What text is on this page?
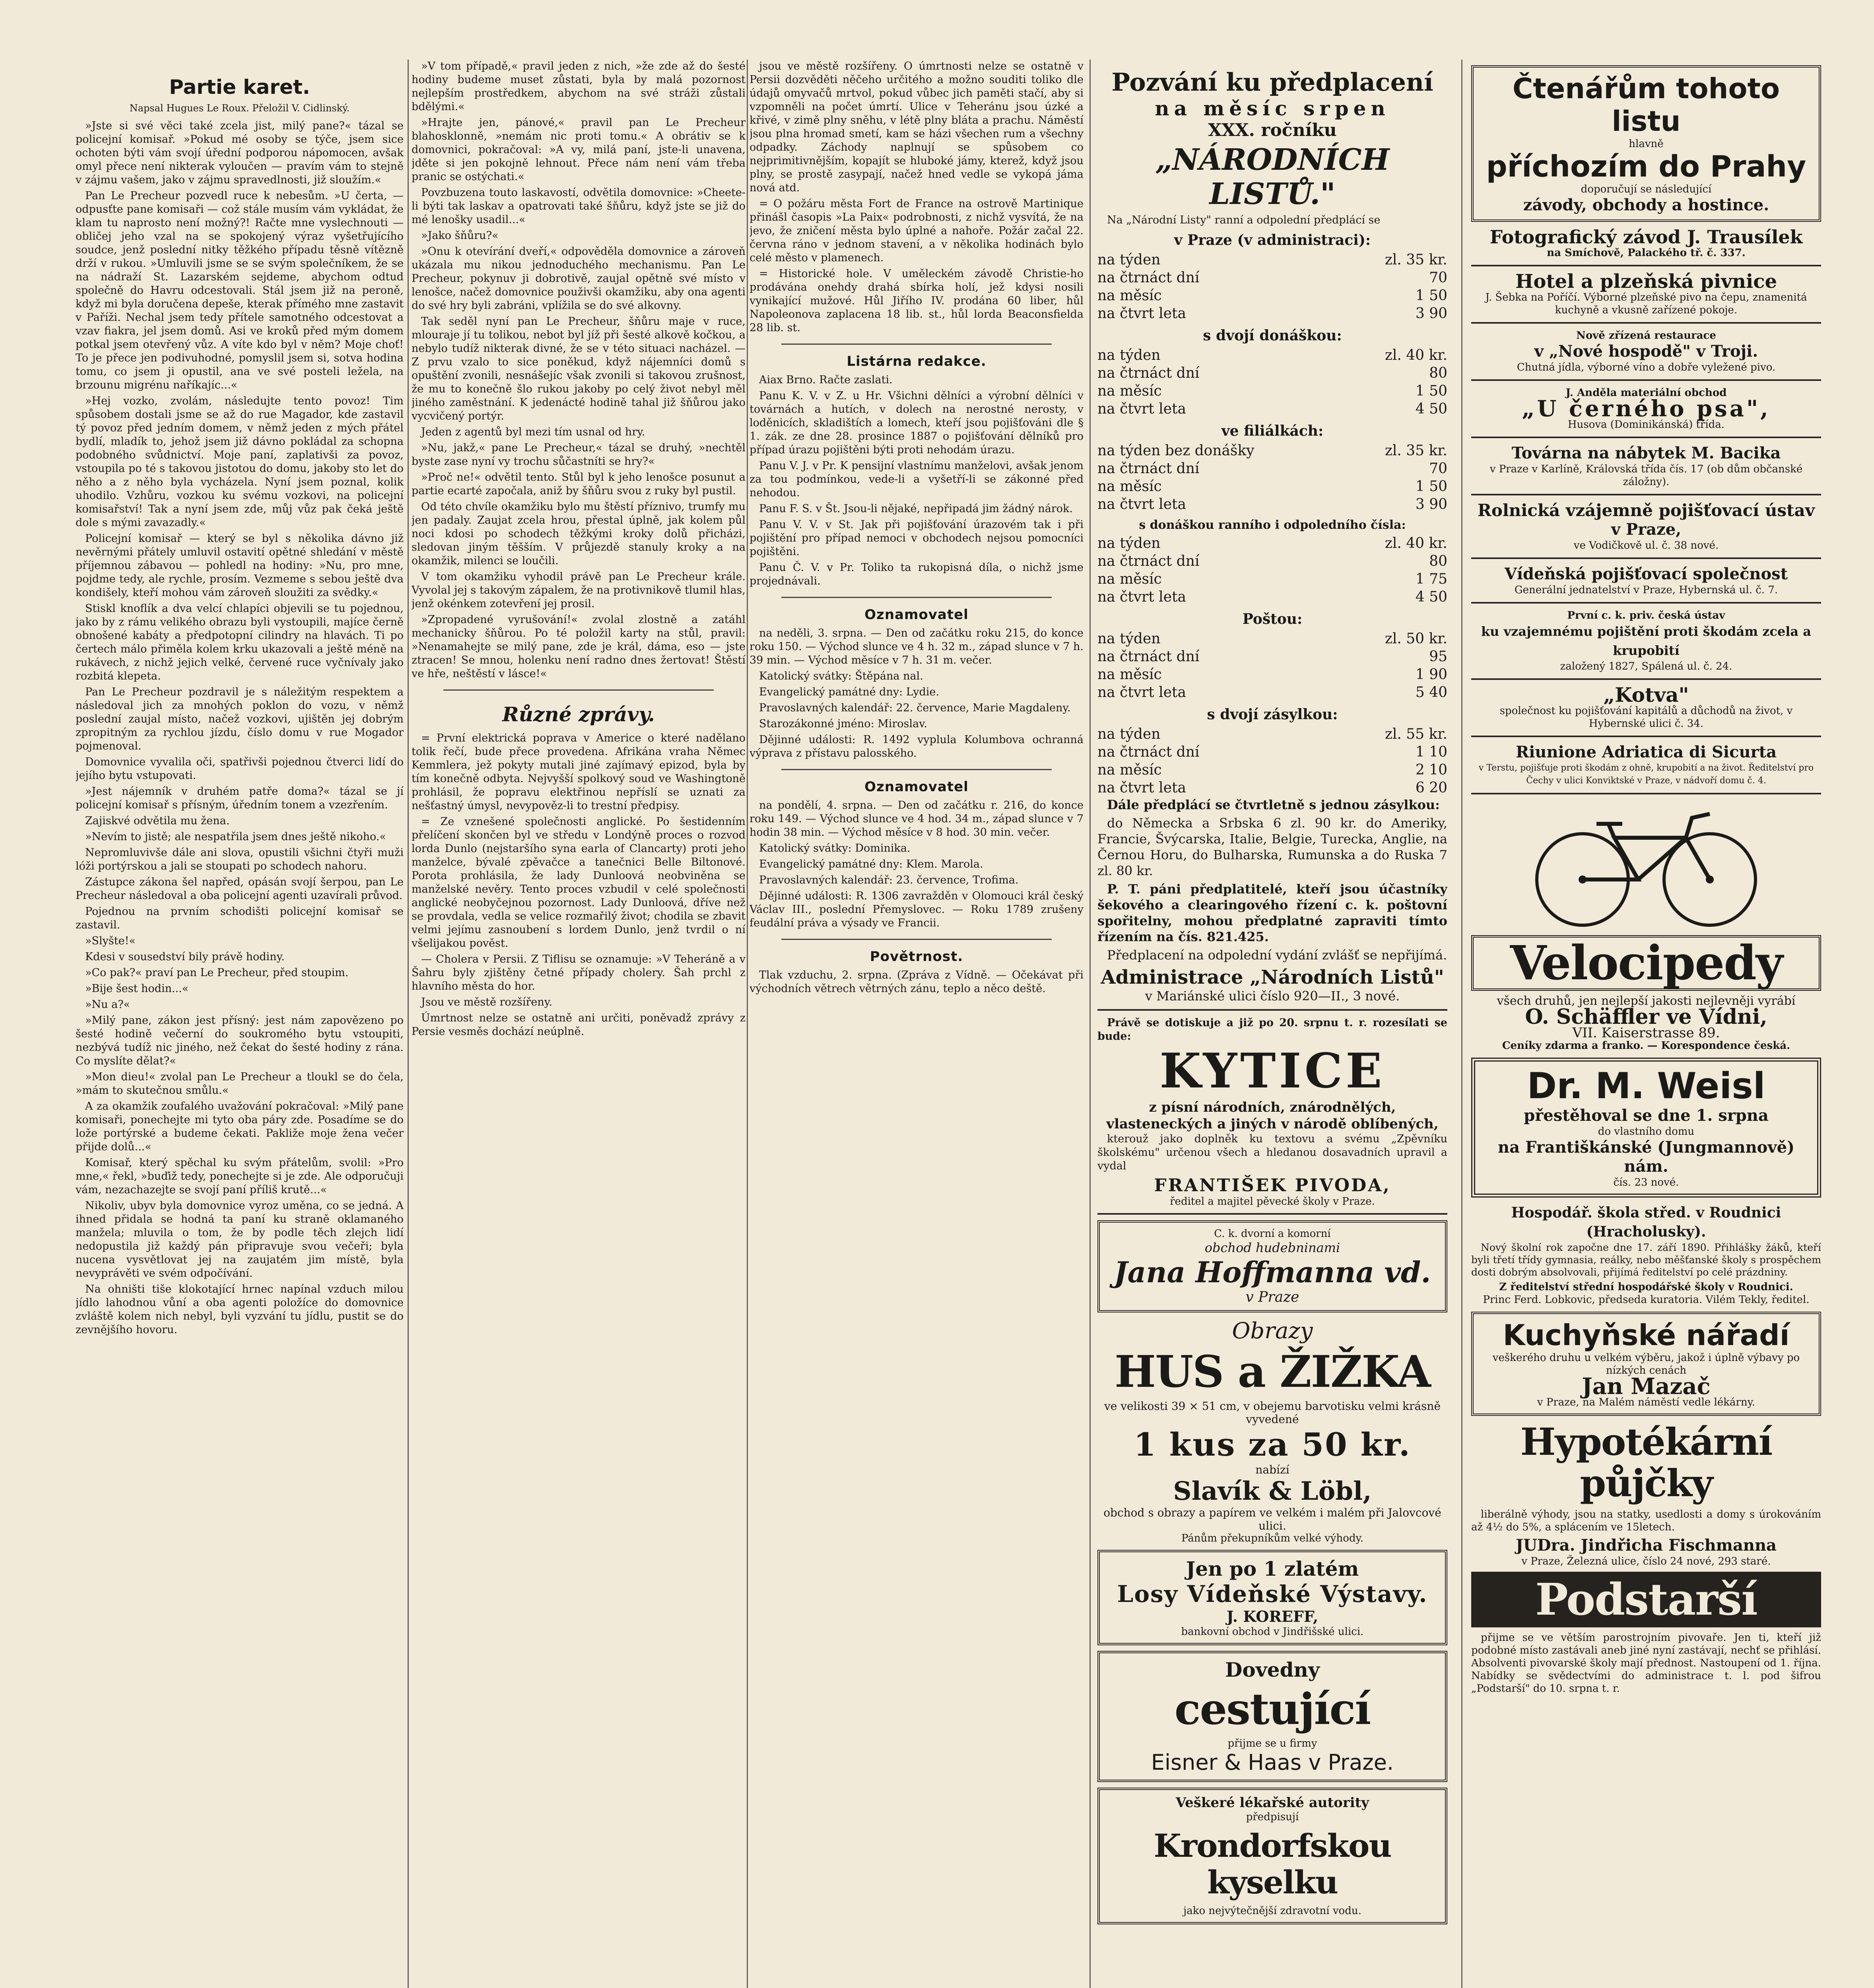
Partie karet.
Napsal Hugues Le Roux. Přeložil V. Cidlinský.

»Jste si své věci také zcela jist, milý pane?« tázal se policejní komisař. »Pokud mé osoby se týče, jsem sice ochoten býti vám svojí úřední podporou nápomocen, avšak omyl přece není nikterak vyloučen — pravím vám to stejně v zájmu vašem, jako v zájmu spravedlnosti, již sloužím.«

Pan Le Precheur pozvedl ruce k nebesům. »U čerta, — odpusťte pane komisaři — což stále musím vám vykládat, že klam tu naprosto není možný?! Račte mne vyslechnouti — obličej jeho vzal na se spokojený výraz vyšetřujícího soudce, jenž poslední nitky těžkého případu těsně vítězně drží v rukou. »Umluvili jsme se se svým společníkem, že se na nádraží St. Lazarském sejdeme, abychom odtud společně do Havru odcestovali. Stál jsem již na peroně, když mi byla doručena depeše, kterak přímého mne zastavit v Paříži. Nechal jsem tedy přítele samotného odcestovat a vzav fiakra, jel jsem domů. Asi ve kroků před mým domem potkal jsem otevřený vůz. A víte kdo byl v něm? Moje choť! To je přece jen podivuhodné, pomyslil jsem si, sotva hodina tomu, co jsem ji opustil, ana ve své posteli ležela, na brzounu migrénu naříkajíc...«

»Hej vozko, zvolám, následujte tento povoz! Tim spůsobem dostali jsme se až do rue Magador, kde zastavil tý povoz před jedním domem, v němž jeden z mých přátel bydlí, mladík to, jehož jsem již dávno pokládal za schopna podobného svůdnictví. Moje paní, zaplativši za povoz, vstoupila po té s takovou jistotou do domu, jakoby sto let do něho a z něho byla vycházela. Nyní jsem poznal, kolik uhodilo. Vzhůru, vozkou ku svému vozkovi, na policejní komisařství! Tak a nyní jsem zde, můj vůz pak čeká ještě dole s mými zavazadly.«

Policejní komisař — který se byl s několika dávno již nevěrnými přátely umluvil ostavití opětné shledání v městě příjemnou zábavou — pohledl na hodiny: »Nu, pro mne, pojdme tedy, ale rychle, prosím. Vezmeme s sebou ještě dva kondišely, kteří mohou vám zároveň sloužiti za svědky.«

Stiskl knoflík a dva velcí chlapíci objevili se tu pojednou, jako by z rámu velikého obrazu byli vystoupili, majíce černě obnošené kabáty a předpotopní cilindry na hlavách. Ti po čertech málo přiměla kolem krku ukazovali a ještě méně na rukávech, z nichž jejich velké, červené ruce vyčnívaly jako rozbitá klepeta.

Pan Le Precheur pozdravil je s náležitým respektem a následoval jich za mnohých poklon do vozu, v němž poslední zaujal místo, načež vozkovi, ujištěn jej dobrým zpropitným za rychlou jízdu, číslo domu v rue Mogador pojmenoval.

Domovnice vyvalila oči, spatřivši pojednou čtverci lidí do jejího bytu vstupovati.

»Jest nájemník v druhém patře doma?« tázal se jí policejní komisař s přísným, úředním tonem a vzezřením.

Zajiskvé odvětila mu žena.

»Nevím to jistě; ale nespatřila jsem dnes ještě nikoho.«

Nepromluvivše dále ani slova, opustili všichni čtyři muži lóži portýrskou a jali se stoupati po schodech nahoru.

Zástupce zákona šel napřed, opásán svojí šerpou, pan Le Precheur následoval a oba policejní agenti uzavírali průvod.

Pojednou na prvním schodišti policejní komisař se zastavil.

»Slyšte!«

Kdesi v sousedství bily právě hodiny.

»Co pak?« praví pan Le Precheur, před stoupim.

»Bije šest hodin...«

»Nu a?«

»Milý pane, zákon jest přísný: jest nám zapovězeno po šesté hodině večerní do soukromého bytu vstoupiti, nezbývá tudíž nic jiného, než čekat do šesté hodiny z rána. Co myslíte dělat?«

»Mon dieu!« zvolal pan Le Precheur a tloukl se do čela, »mám to skutečnou smůlu.«

A za okamžik zoufalého uvažování pokračoval: »Milý pane komisaři, ponechejte mi tyto oba páry zde. Posadíme se do lože portýrské a budeme čekati. Pakliže moje žena večer přijde dolů...«

Komisař, který spěchal ku svým přátelům, svolil: »Pro mne,« řekl, »buďiž tedy, ponechejte si je zde. Ale odporučuji vám, nezachazejte se svojí paní příliš krutě...«

Nikoliv, ubyv byla domovnice vyroz uměna, co se jedná. A ihned přidala se hodná ta paní ku straně oklamaného manžela; mluvila o tom, že by podle těch zlejch lidí nedopustila již každý pán připravuje svou večeři; byla nucena vysvětlovat jej na zaujatém jim místě, byla nevyprávěti ve svém odpočívání.

Na ohništi tiše klokotající hrnec napínal vzduch milou jídlo lahodnou vůní a oba agenti položíce do domovnice zvláště kolem nich nebyl, byli vyzvání tu jídlu, pustit se do zevnějšího hovoru.

»V tom případě,« pravil jeden z nich, »že zde až do šesté hodiny budeme muset zůstati, byla by malá pozornost nejlepším prostředkem, abychom na své stráži zůstali bdělými.«

»Hrajte jen, pánové,« pravil pan Le Precheur blahosklonně, »nemám nic proti tomu.« A obrátiv se k domovnici, pokračoval: »A vy, milá paní, jste-li unavena, jděte si jen pokojně lehnout. Přece nám není vám třeba pranic se ostýchati.«

Povzbuzena touto laskavostí, odvětila domovnice: »Cheete-li býti tak laskav a opatrovati také šňůru, když jste se již do mé lenošky usadil...«

»Jako šňůru?«

»Onu k otevírání dveří,« odpověděla domovnice a zároveň ukázala mu nikou jednoduchého mechanismu. Pan Le Precheur, pokynuv ji dobrotivě, zaujal opětně své místo v lenošce, načež domovnice použivši okamžiku, aby ona agenti do své hry byli zabráni, vplížila se do své alkovny.

Tak seděl nyní pan Le Precheur, šňůru maje v ruce, mlouraje jí tu tolikou, nebot byl jíž při šesté alkově kočkou, a nebylo tudíž nikterak divné, že se v této situaci nacházel. — Z prvu vzalo to sice poněkud, když nájemníci domů s opuštění zvonili, nesnášejíc však zvonili si takovou zrušnost, že mu to konečně šlo rukou jakoby po celý život nebyl měl jiného zaměstnání. K jedenácté hodině tahal již šňůrou jako vycvičený portýr.

Jeden z agentů byl mezi tím usnal od hry.

»Nu, jakž,« pane Le Precheur,« tázal se druhý, »nechtěl byste zase nyní vy trochu sůčastníti se hry?«

»Proč ne!« odvětil tento. Stůl byl k jeho lenošce posunut a partie ecarté započala, aniž by šňůru svou z ruky byl pustil.

Od této chvíle okamžiku bylo mu štěstí příznivo, trumfy mu jen padaly. Zaujat zcela hrou, přestal úplně, jak kolem půl noci kdosi po schodech těžkými kroky dolů přicházi, sledovan jiným těšším. V průjezdě stanuly kroky a na okamžik, milenci se loučili.

V tom okamžiku vyhodil právě pan Le Precheur krále. Vyvolal jej s takovým zápalem, že na protivnikově tlumil hlas, jenž okénkem zotevření jej prosil.

»Zpropadené vyrušování!« zvolal zlostně a zatáhl mechanicky šňůrou. Po té položil karty na stůl, pravil: »Nenamahejte se milý pane, zde je král, dáma, eso — jste ztracen! Se mnou, holenku není radno dnes žertovat! Štěstí ve hře, neštěstí v lásce!«

Různé zprávy.

= První elektrická poprava v Americe o které nadělano tolik řečí, bude přece provedena. Afrikána vraha Němec Kemmlera, jež pokyty mutali jiné zajímavý epizod, byla by tím konečně odbyta. Nejvyšší spolkový soud ve Washingtoně prohlásil, že popravu elektřinou nepříslí se uznati za nešťastný úmysl, nevypověz-li to trestní předpisy.

= Ze vznešené společnosti anglické. Po šestidenním přelíčení skončen byl ve středu v Londýně proces o rozvod lorda Dunlo (nejstaršího syna earla of Clancarty) proti jeho manželce, bývalé zpěvačce a tanečnici Belle Biltonové. Porota prohlásila, že lady Dunloová neobviněna se manželské nevěry. Tento proces vzbudil v celé společnosti anglické neobyčejnou pozornost. Lady Dunloová, dříve než se provdala, vedla se velice rozmařilý život; chodila se zbavit velmi jejímu zasnoubení s lordem Dunlo, jenž tvrdil o ní všelijakou pověst.

— Cholera v Persii. Z Tiflisu se oznamuje: »V Teheráně a v Šahru byly zjištěny četné případy cholery. Šah prchl z hlavního města do hor.

Jsou ve městě rozšířeny.

Úmrtnost nelze se ostatně ani určiti, poněvadž zprávy z Persie vesměs dochází neúplně.

jsou ve městě rozšířeny. O úmrtnosti nelze se ostatně v Persii dozvěděti něčeho určitého a možno souditi toliko dle údajů omyvačů mrtvol, pokud vůbec jich paměti stačí, aby si vzpomněli na počet úmrtí. Ulice v Teheránu jsou úzké a křivé, v zimě plny sněhu, v létě plny bláta a prachu. Náměstí jsou plna hromad smetí, kam se házi všechen rum a všechny odpadky. Záchody naplnují se spůsobem co nejprimitivnějším, kopajít se hluboké jámy, kterež, když jsou plny, se prostě zasypají, načež hned vedle se vykopá jáma nová atd.

= O požáru města Fort de France na ostrově Martinique přinášl časopis »La Paix« podrobnosti, z nichž vysvítá, že na jevo, že zničení města bylo úplné a nahoře. Požár začal 22. června ráno v jednom stavení, a v několika hodinách bylo celé město v plamenech.

= Historické hole. V uměleckém závodě Christie-ho prodávána onehdy drahá sbírka holí, jež kdysi nosili vynikající mužové. Hůl Jiřího IV. prodána 60 liber, hůl Napoleonova zaplacena 18 lib. st., hůl lorda Beaconsfielda 28 lib. st.

Listárna redakce.

Aiax Brno. Račte zaslati.

Panu K. V. v Z. u Hr. Všichni dělníci a výrobní dělníci v továrnách a hutích, v dolech na nerostné nerosty, v loděnicích, skladištích a lomech, kteří jsou pojišťováni dle § 1. zák. ze dne 28. prosince 1887 o pojišťování dělníků pro případ úrazu pojištěni býti proti nehodám úrazu.

Panu V. J. v Pr. K pensijní vlastnímu manželovi, avšak jenom za tou podmínkou, vede-li a vyšetří-li se zákonné před nehodou.

Panu F. S. v Št. Jsou-li nějaké, nepřipadá jim žádný nárok.

Panu V. V. v St. Jak při pojišťování úrazovém tak i při pojištění pro případ nemoci v obchodech nejsou pomocníci pojištěni.

Panu Č. V. v Pr. Toliko ta rukopisná díla, o nichž jsme projednávali.

Oznamovatel

na neděli, 3. srpna. — Den od začátku roku 215, do konce roku 150. — Východ slunce ve 4 h. 32 m., západ slunce v 7 h. 39 min. — Východ měsíce v 7 h. 31 m. večer.

Katolický svátky: Štěpána nal.

Evangelický památné dny: Lydie.

Pravoslavných kalendář: 22. července, Marie Magdaleny.

Starozákonné jméno: Miroslav.

Dějinné události: R. 1492 vyplula Kolumbova ochranná výprava z přístavu palosského.

Oznamovatel

na pondělí, 4. srpna. — Den od začátku r. 216, do konce roku 149. — Východ slunce ve 4 hod. 34 m., západ slunce v 7 hodin 38 min. — Východ měsíce v 8 hod. 30 min. večer.

Katolický svátky: Dominika.

Evangelický památné dny: Klem. Marola.

Pravoslavných kalendář: 23. července, Trofima.

Dějinné události: R. 1306 zavražděn v Olomouci král český Václav III., poslední Přemyslovec. — Roku 1789 zrušeny feudální práva a výsady ve Francii.

Povětrnost.

Tlak vzduchu, 2. srpna. (Zpráva z Vídně. — Očekávat při východních větrech větrných zánu, teplo a něco deště.

Pozvání ku předplacení
na měsíc srpen
XXX. ročníku
„NÁRODNÍCH LISTŮ."
Na „Národní Listy" ranní a odpolední předplácí se
v Praze (v administraci):
na týden	zl. 35 kr.
na čtrnáct dní	70
na měsíc	1 50
na čtvrt leta	3 90
s dvojí donáškou:
na týden	zl. 40 kr.
na čtrnáct dní	80
na měsíc	1 50
na čtvrt leta	4 50
ve filiálkách:
na týden bez donášky	zl. 35 kr.
na čtrnáct dní	70
na měsíc	1 50
na čtvrt leta	3 90
s donáškou ranního i odpoledního čísla:
na týden	zl. 40 kr.
na čtrnáct dní	80
na měsíc	1 75
na čtvrt leta	4 50
Poštou:
na týden	zl. 50 kr.
na čtrnáct dní	95
na měsíc	1 90
na čtvrt leta	5 40
s dvojí zásylkou:
na týden	zl. 55 kr.
na čtrnáct dní	1 10
na měsíc	2 10
na čtvrt leta	6 20
Dále předplácí se čtvrtletně s jednou zásylkou:
do Německa a Srbska 6 zl. 90 kr. do Ameriky, Francie, Švýcarska, Italie, Belgie, Turecka, Anglie, na Černou Horu, do Bulharska, Rumunska a do Ruska 7 zl. 80 kr.
P. T. páni předplatitelé, kteří jsou účastníky šekového a clearingového řízení c. k. poštovní spořitelny, mohou předplatné zapraviti tímto řízením na čís. 821.425.
Předplacení na odpolední vydání zvlášť se nepřijímá.
Administrace „Národních Listů"
v Mariánské ulici číslo 920—II., 3 nové.
Právě se dotiskuje a již po 20. srpnu t. r. rozesílati se bude:
KYTICE
z písní národních, znárodnělých, vlasteneckých a jiných v národě oblíbených,
kterouž jako doplněk ku textovu a svému „Zpěvníku školskému" určenou všech a hledanou dosavadních upravil a vydal
FRANTIŠEK PIVODA,
ředitel a majitel pěvecké školy v Praze.
C. k. dvorní a komorní
obchod hudebninami
Jana Hoffmanna vd.
v Praze
Obrazy
HUS a ŽIŽKA
ve velikosti 39 × 51 cm, v obejemu barvotisku velmi krásně vyvedené
1 kus za 50 kr.
nabízí
Slavík & Löbl,
obchod s obrazy a papírem ve velkém i malém při Jalovcové ulici.
Pánům překupníkům velké výhody.
Jen po 1 zlatém
Losy Vídeňské Výstavy.
J. KOREFF,
bankovní obchod v Jindřišské ulici.
Dovedny
cestující
přijme se u firmy
Eisner & Haas v Praze.
Veškeré lékařské autority
předpisují
Krondorfskou kyselku
jako nejvýtečnější zdravotní vodu.
Čtenářům tohoto listu
hlavně
příchozím do Prahy
doporučují se následující
závody, obchody a hostince.
Fotografický závod J. Trausílek
na Smíchově, Palackého tř. č. 337.
Hotel a plzeňská pivnice
J. Šebka na Poříčí. Výborné plzeňské pivo na čepu, znamenitá kuchyně a vkusně zařízené pokoje.
Nově zřízená restaurace
v „Nové hospodě" v Troji.
Chutná jídla, výborné víno a dobře vyležené pivo.
J. Anděla materiální obchod
„U černého psa",
Husova (Dominikánská) třída.
Továrna na nábytek M. Bacika
v Praze v Karlíně, Královská třída čís. 17 (ob dům občanské záložny).
Rolnická vzájemně pojišťovací ústav
v Praze,
ve Vodičkově ul. č. 38 nové.
Vídeňská pojišťovací společnost
Generální jednatelství v Praze, Hybernská ul. č. 7.
První c. k. priv. česká ústav
ku vzajemnému pojištění proti škodám zcela a krupobití
založený 1827, Spálená ul. č. 24.
„Kotva"
společnost ku pojišťování kapitálů a důchodů na život, v Hybernské ulici č. 34.
Riunione Adriatica di Sicurta
v Terstu, pojišťuje proti škodám z ohně, krupobití a na život. Ředitelství pro Čechy v ulici Konviktské v Praze, v nádvoří domu č. 4.
Velocipedy
všech druhů, jen nejlepší jakosti nejlevněji vyrábí
O. Schäffler ve Vídni,
VII. Kaiserstrasse 89.
Ceníky zdarma a franko. — Korespondence česká.
Dr. M. Weisl
přestěhoval se dne 1. srpna
do vlastního domu
na Františkánské (Jungmannově) nám.
čís. 23 nové.
Hospodář. škola střed. v Roudnici (Hracholusky).
Nový školní rok započne dne 17. září 1890. Přihlášky žáků, kteří byli třetí třídy gymnasia, reálky, nebo měšťanské školy s prospěchem dosti dobrým absolvovali, přijímá ředitelství po celé prázdniny.
Z ředitelství střední hospodářské školy v Roudnici.
Princ Ferd. Lobkovic, předseda kuratoria. Vilém Tekly, ředitel.
Kuchyňské nářadí
veškerého druhu u velkém výběru, jakož i úplně výbavy po nízkých cenách
Jan Mazač
v Praze, na Malém náměstí vedle lékárny.
Hypotékární půjčky
liberálně výhody, jsou na statky, usedlosti a domy s úrokováním až 4½ do 5%, a splácením ve 15letech.
JUDra. Jindřicha Fischmanna
v Praze, Železná ulice, číslo 24 nové, 293 staré.
Podstarší
přijme se ve větším parostrojním pivovaře. Jen ti, kteří již podobné místo zastávali aneb jiné nyní zastávají, nechť se přihlásí. Absolventi pivovarské školy mají přednost. Nastoupení od 1. října. Nabídky se svědectvími do administrace t. l. pod šifrou „Podstarší" do 10. srpna t. r.
